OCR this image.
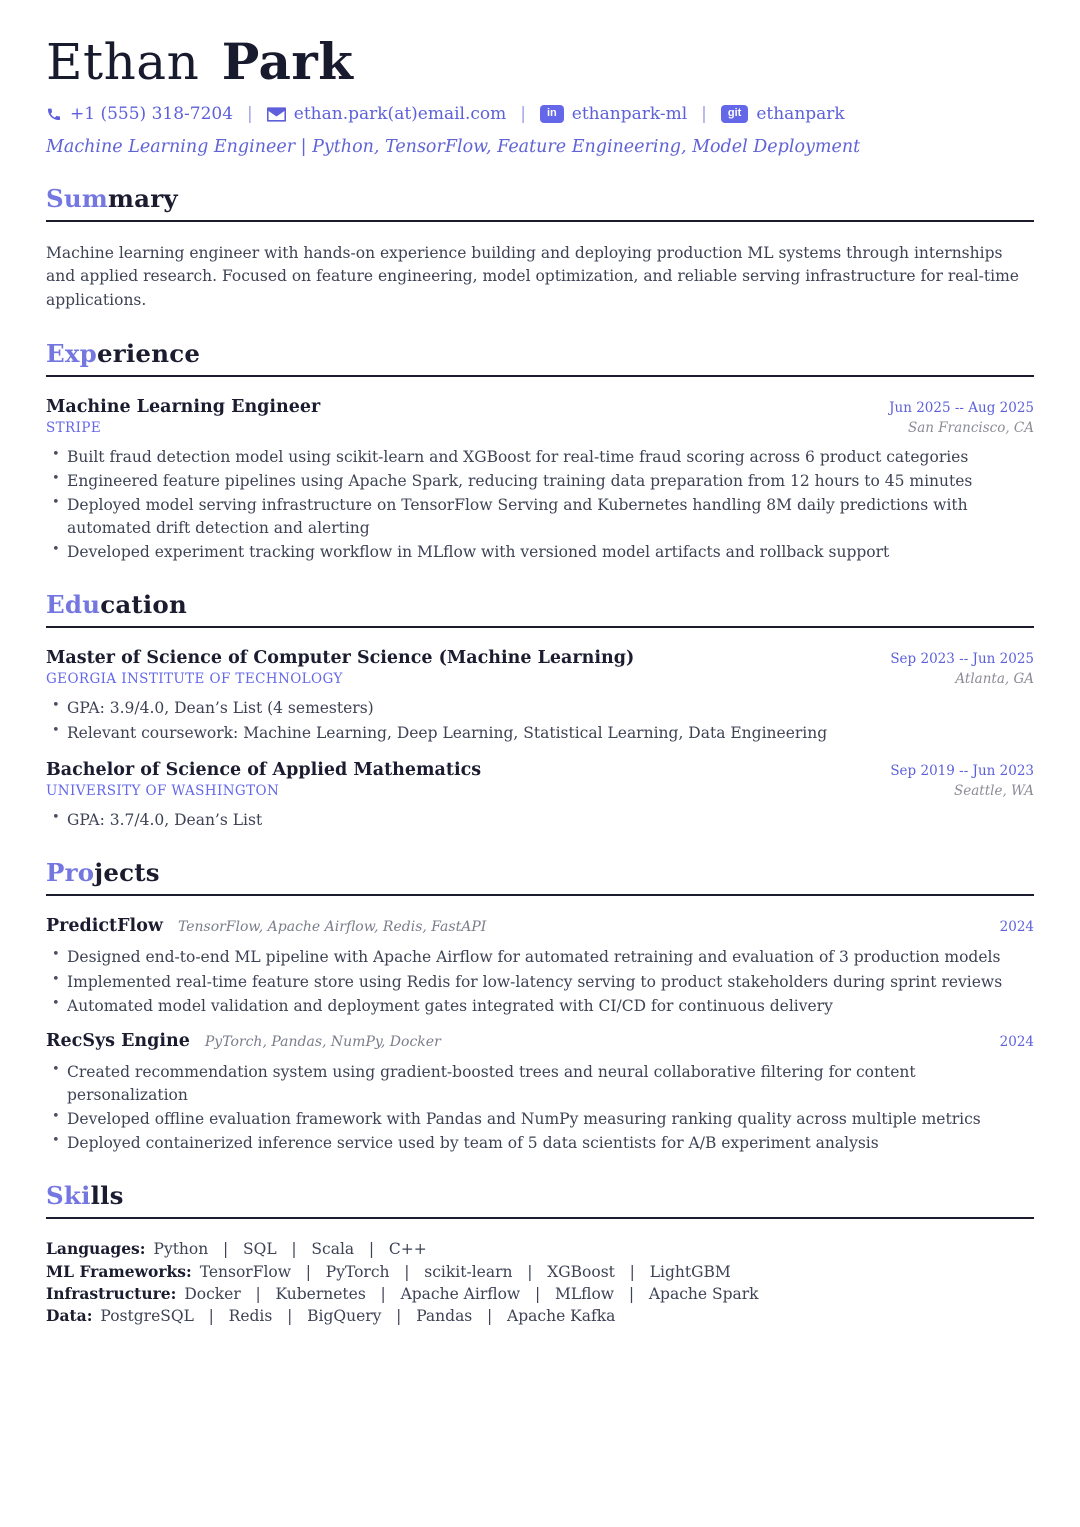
Ethan Park
+1 (555) 318-7204 | ethan.park(at)email.com |	in ethanpark-ml |	git ethanpark
Machine Learning Engineer | Python, TensorFlow, Feature Engineering, Model Deployment
Summary

Machine learning engineer with hands-on experience building and deploying production ML systems through internships and applied research. Focused on feature engineering, model optimization, and reliable serving infrastructure for real-time applications.

Experience
Machine Learning Engineer	Jun 2025 -- Aug 2025
STRIPE	San Francisco, CA
• Built fraud detection model using scikit-learn and XGBoost for real-time fraud scoring across 6 product categories
• Engineered feature pipelines using Apache Spark, reducing training data preparation from 12 hours to 45 minutes
• Deployed model serving infrastructure on TensorFlow Serving and Kubernetes handling 8M daily predictions with automated drift detection and alerting
• Developed experiment tracking workflow in MLflow with versioned model artifacts and rollback support
Education
Master of Science of Computer Science (Machine Learning)	Sep 2023 -- Jun 2025
GEORGIA INSTITUTE OF TECHNOLOGY	Atlanta, GA
• GPA: 3.9/4.0, Dean’s List (4 semesters)
• Relevant coursework: Machine Learning, Deep Learning, Statistical Learning, Data Engineering
Bachelor of Science of Applied Mathematics	Sep 2019 -- Jun 2023
UNIVERSITY OF WASHINGTON	Seattle, WA
• GPA: 3.7/4.0, Dean’s List
Projects
PredictFlow TensorFlow, Apache Airflow, Redis, FastAPI	2024
• Designed end-to-end ML pipeline with Apache Airflow for automated retraining and evaluation of 3 production models
• Implemented real-time feature store using Redis for low-latency serving to product stakeholders during sprint reviews
• Automated model validation and deployment gates integrated with CI/CD for continuous delivery
RecSys Engine PyTorch, Pandas, NumPy, Docker	2024
• Created recommendation system using gradient-boosted trees and neural collaborative filtering for content personalization
• Developed offline evaluation framework with Pandas and NumPy measuring ranking quality across multiple metrics
• Deployed containerized inference service used by team of 5 data scientists for A/B experiment analysis
Skills
Languages: Python   |   SQL   |   Scala   |   C++
ML Frameworks: TensorFlow   |   PyTorch   |   scikit-learn   |   XGBoost   |   LightGBM
Infrastructure: Docker   |   Kubernetes   |   Apache Airflow   |   MLflow   |   Apache Spark
Data: PostgreSQL   |   Redis   |   BigQuery   |   Pandas   |   Apache Kafka
